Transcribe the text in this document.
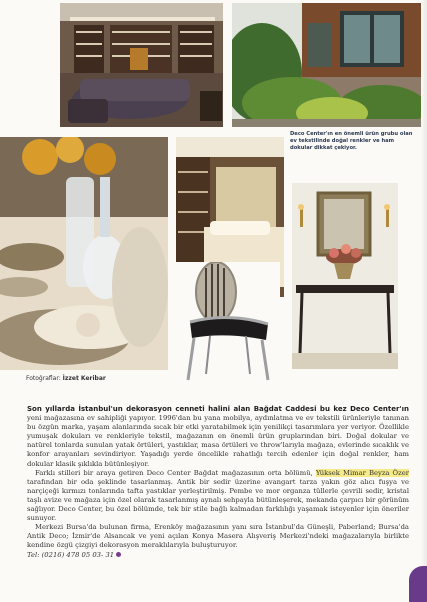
Deco Center'ın en önemli ürün grubu olan ev tekstilinde doğal renkler ve ham dokular dikkat çekiyor.
Fotoğraflar: İzzet Keribar

Son yıllarda İstanbul'un dekorasyon cenneti halini alan Bağdat Caddesi bu kez Deco Center'ın yeni mağazasına ev sahipliği yapıyor. 1996'dan bu yana mobilya, aydınlatma ve ev tekstili ürünleriyle tanınan bu özgün marka, yaşam alanlarında sıcak bir etki yaratabilmek için yenilikçi tasarımlara yer veriyor. Özellikle yumuşak dokuları ve renkleriyle tekstil, mağazanın en önemli ürün gruplarından biri. Doğal dokular ve natürel tonlarda sunulan yatak örtüleri, yastıklar, masa örtüleri ve throw'larıyla mağaza, evlerinde sıcaklık ve konfor arayanları sevindiriyor. Yaşadığı yerde öncelikle rahatlığı tercih edenler için doğal renkler, ham dokular klasik şıklıkla bütünleşiyor.

Farklı stilleri bir araya getiren Deco Center Bağdat mağazasının orta bölümü, Yüksek Mimar Beyza Özer tarafından bir oda şeklinde tasarlanmış. Antik bir sedir üzerine avangart tarza yakın göz alıcı fuşya ve narçiçeği kırmızı tonlarında tafta yastıklar yerleştirilmiş. Pembe ve mor organza tüllerle çevrili sedir, kristal taşlı avize ve mağaza için özel olarak tasarlanmış aynalı sehpayla bütünleşerek, mekanda çarpıcı bir görünüm sağlıyor. Deco Center, bu özel bölümde, tek bir stile bağlı kalmadan farklılığı yaşamak isteyenler için öneriler sunuyor.

Merkezi Bursa'da bulunan firma, Erenköy mağazasının yanı sıra İstanbul'da Güneşli, Paberland; Bursa'da Antik Deco; İzmir'de Alsancak ve yeni açılan Konya Masera Alışveriş Merkezi'ndeki mağazalarıyla birlikte kendine özgü çizgiyi dekorasyon meraklılarıyla buluşturuyor.

Tel: (0216) 478 05 03- 31
